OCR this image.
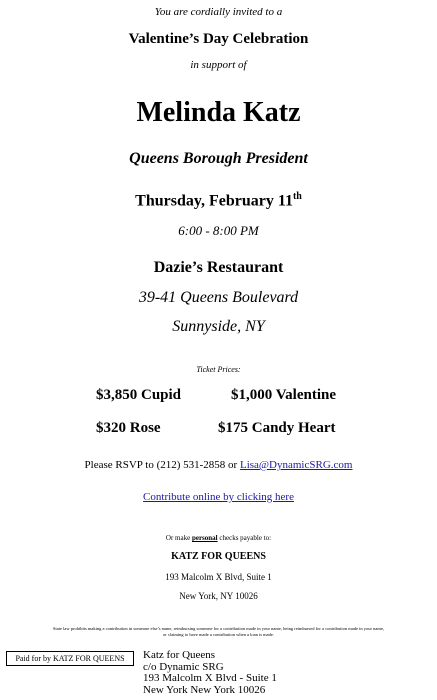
You are cordially invited to a
Valentine’s Day Celebration
in support of
Melinda Katz
Queens Borough President
Thursday, February 11th
6:00 - 8:00 PM
Dazie’s Restaurant
39-41 Queens Boulevard
Sunnyside, NY
Ticket Prices:
$3,850 Cupid	$1,000 Valentine
$320 Rose	$175 Candy Heart
Please RSVP to (212) 531-2858 or Lisa@DynamicSRG.com
Contribute online by clicking here
Or make personal checks payable to:
KATZ FOR QUEENS
193 Malcolm X Blvd, Suite 1
New York, NY 10026
State law prohibits making a contribution in someone else’s name, reimbursing someone for a contribution made in your name, being reimbursed for a contribution made in your name,
or claiming to have made a contribution when a loan is made.
Paid for by KATZ FOR QUEENS	Katz for Queens
c/o Dynamic SRG
193 Malcolm X Blvd - Suite 1
New York New York 10026
